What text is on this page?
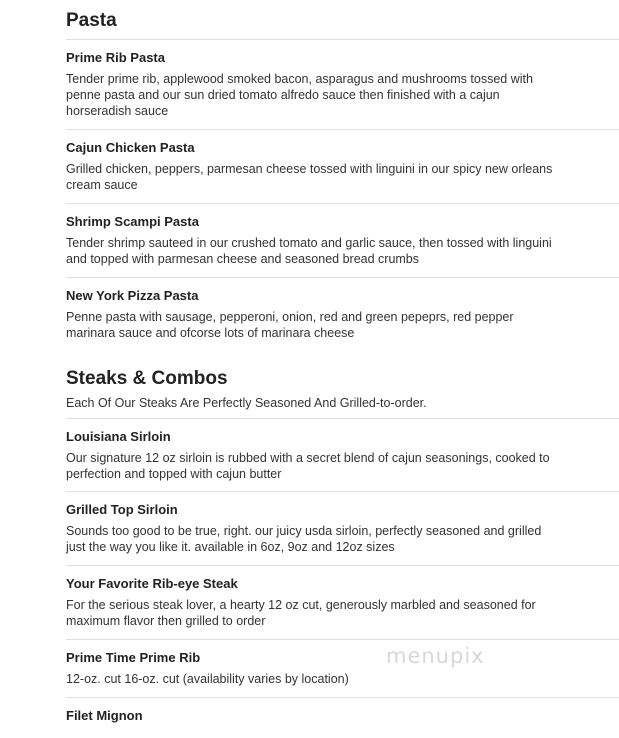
Pasta
Prime Rib Pasta
Tender prime rib, applewood smoked bacon, asparagus and mushrooms tossed with penne pasta and our sun dried tomato alfredo sauce then finished with a cajun horseradish sauce
Cajun Chicken Pasta
Grilled chicken, peppers, parmesan cheese tossed with linguini in our spicy new orleans cream sauce
Shrimp Scampi Pasta
Tender shrimp sauteed in our crushed tomato and garlic sauce, then tossed with linguini and topped with parmesan cheese and seasoned bread crumbs
New York Pizza Pasta
Penne pasta with sausage, pepperoni, onion, red and green pepeprs, red pepper marinara sauce and ofcorse lots of marinara cheese
Steaks & Combos
Each Of Our Steaks Are Perfectly Seasoned And Grilled-to-order.
Louisiana Sirloin
Our signature 12 oz sirloin is rubbed with a secret blend of cajun seasonings, cooked to perfection and topped with cajun butter
Grilled Top Sirloin
Sounds too good to be true, right. our juicy usda sirloin, perfectly seasoned and grilled just the way you like it. available in 6oz, 9oz and 12oz sizes
Your Favorite Rib-eye Steak
For the serious steak lover, a hearty 12 oz cut, generously marbled and seasoned for maximum flavor then grilled to order
Prime Time Prime Rib
12-oz. cut 16-oz. cut (availability varies by location)
Filet Mignon
menupix
